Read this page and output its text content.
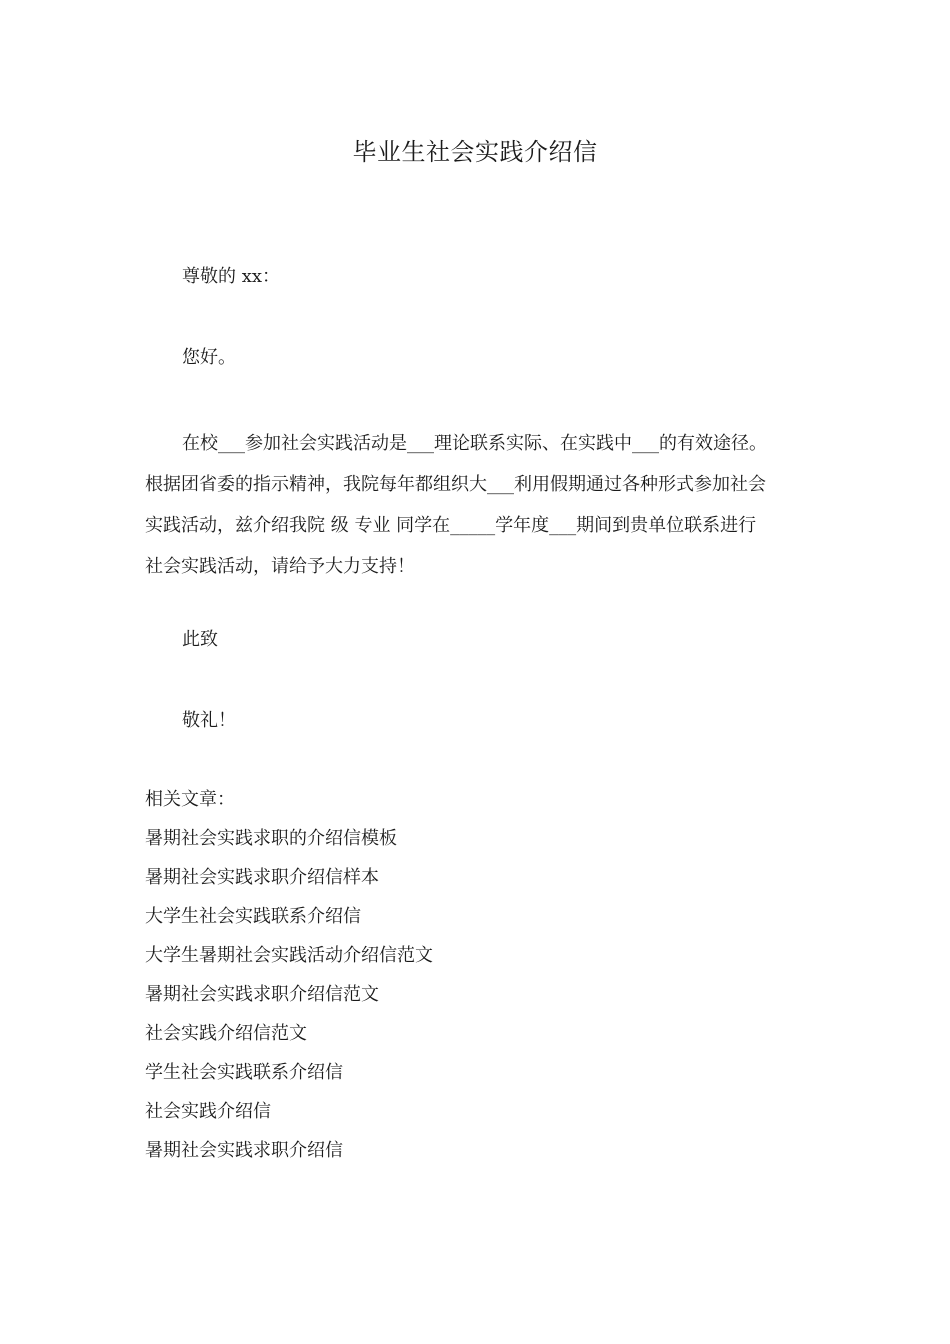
毕业生社会实践介绍信
尊敬的 xx：
您好。
在校___参加社会实践活动是___理论联系实际、在实践中___的有效途径。
根据团省委的指示精神，我院每年都组织大___利用假期通过各种形式参加社会
实践活动，兹介绍我院 级 专业 同学在_____学年度___期间到贵单位联系进行
社会实践活动，请给予大力支持！
此致
敬礼！
相关文章：
暑期社会实践求职的介绍信模板
暑期社会实践求职介绍信样本
大学生社会实践联系介绍信
大学生暑期社会实践活动介绍信范文
暑期社会实践求职介绍信范文
社会实践介绍信范文
学生社会实践联系介绍信
社会实践介绍信
暑期社会实践求职介绍信
